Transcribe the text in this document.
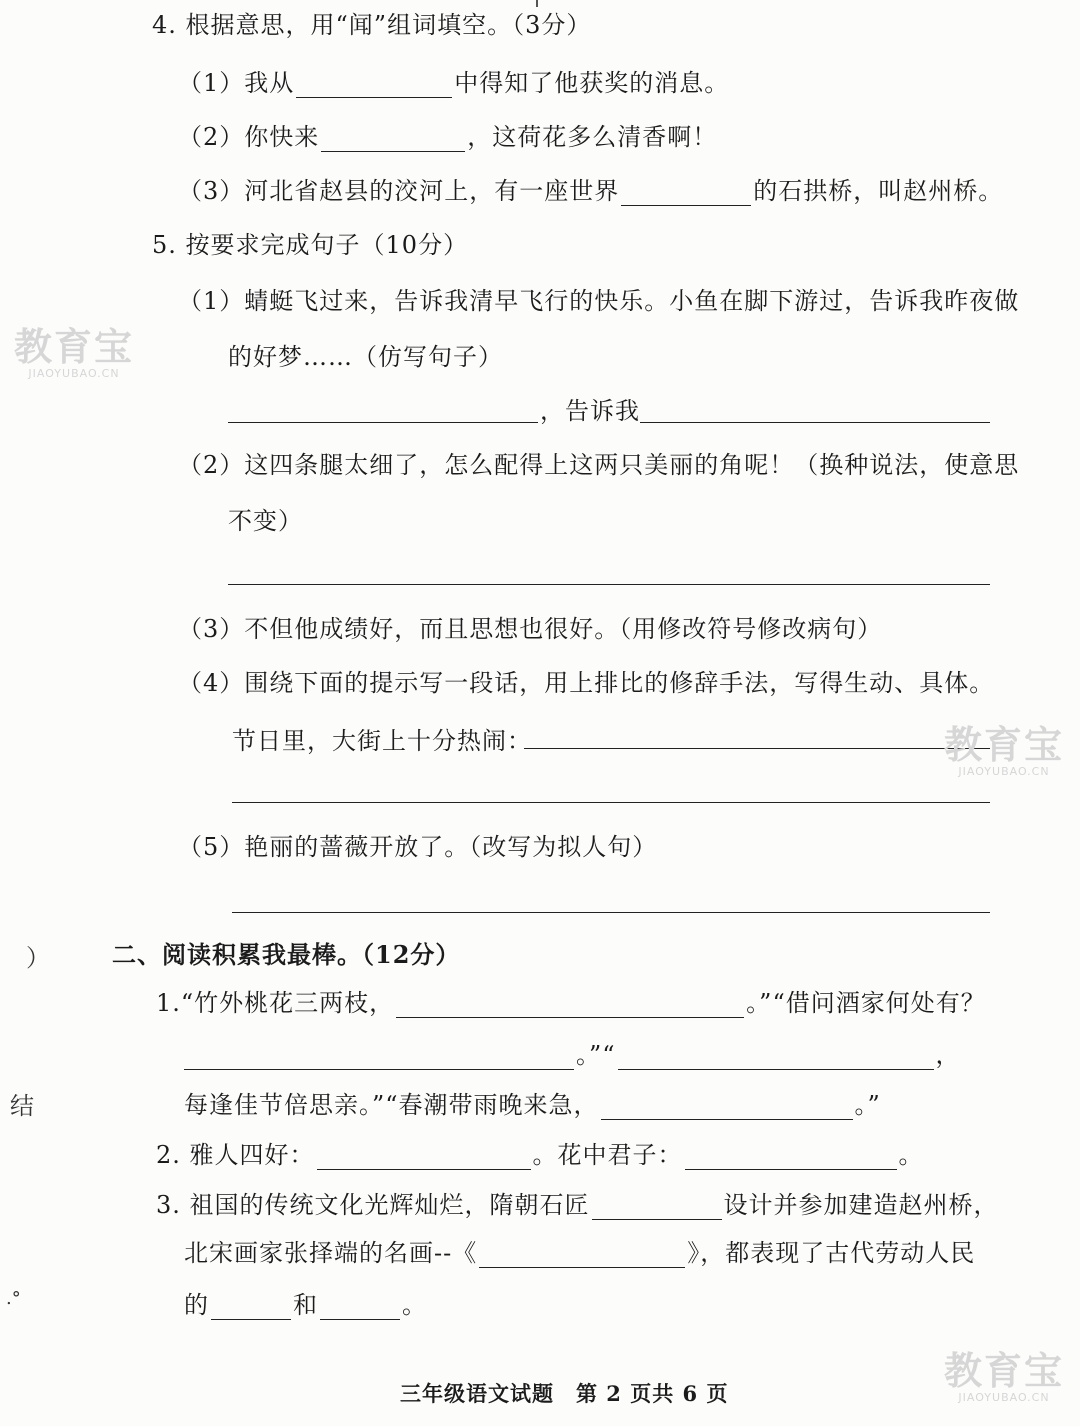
4. 根据意思，用“闻”组词填空。（3分）
（1）我从	中得知了他获奖的消息。
（2）你快来	，这荷花多么清香啊！
（3）河北省赵县的洨河上，有一座世界	的石拱桥，叫赵州桥。
5. 按要求完成句子（10分）
（1）蜻蜓飞过来，告诉我清早飞行的快乐。小鱼在脚下游过，告诉我昨夜做
的好梦……（仿写句子）
，告诉我
（2）这四条腿太细了，怎么配得上这两只美丽的角呢！（换种说法，使意思
不变）
（3）不但他成绩好，而且思想也很好。（用修改符号修改病句）
（4）围绕下面的提示写一段话，用上排比的修辞手法，写得生动、具体。
节日里，大街上十分热闹：
（5）艳丽的蔷薇开放了。（改写为拟人句）
二、阅读积累我最棒。（12分）
1.“竹外桃花三两枝，	。”“借问酒家何处有？
。”“	，
每逢佳节倍思亲。”“春潮带雨晚来急，	。”
2. 雅人四好：	。花中君子：	。
3. 祖国的传统文化光辉灿烂，隋朝石匠	设计并参加建造赵州桥，
北宋画家张择端的名画--《	》，都表现了古代劳动人民
的	和	。
）
结
.°
教育宝
JIAOYUBAO.CN
教育宝
JIAOYUBAO.CN
教育宝
JIAOYUBAO.CN
三年级语文试题　第 2 页共 6 页
